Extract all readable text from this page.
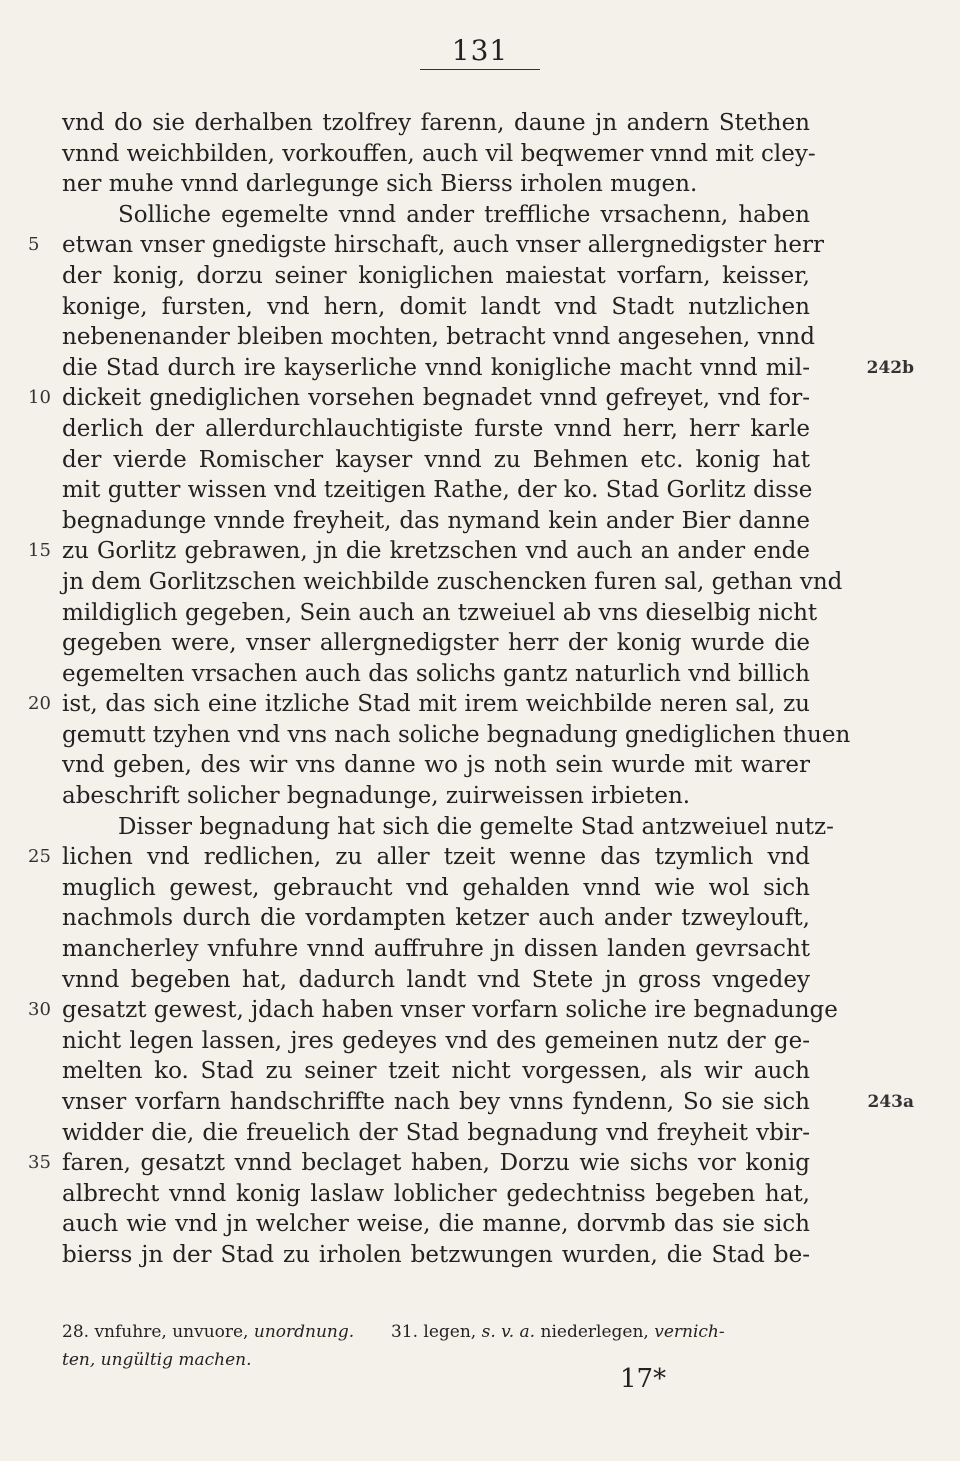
131
vnd do sie derhalben tzolfrey farenn, daune jn andern Stethen
vnnd weichbilden, vorkouffen, auch vil beqwemer vnnd mit cley-
ner muhe vnnd darlegunge sich Bierss irholen mugen.
Solliche egemelte vnnd ander treffliche vrsachenn, haben
5 etwan vnser gnedigste hirschaft, auch vnser allergnedigster herr
der konig, dorzu seiner koniglichen maiestat vorfarn, keisser,
konige, fursten, vnd hern, domit landt vnd Stadt nutzlichen
nebenenander bleiben mochten, betracht vnnd angesehen, vnnd
die Stad durch ire kayserliche vnnd konigliche macht vnnd mil-	242b
10 dickeit gnediglichen vorsehen begnadet vnnd gefreyet, vnd for-
derlich der allerdurchlauchtigiste furste vnnd herr, herr karle
der vierde Romischer kayser vnnd zu Behmen etc. konig hat
mit gutter wissen vnd tzeitigen Rathe, der ko. Stad Gorlitz disse
begnadunge vnnde freyheit, das nymand kein ander Bier danne
15 zu Gorlitz gebrawen, jn die kretzschen vnd auch an ander ende
jn dem Gorlitzschen weichbilde zuschencken furen sal, gethan vnd
mildiglich gegeben, Sein auch an tzweiuel ab vns dieselbig nicht
gegeben were, vnser allergnedigster herr der konig wurde die
egemelten vrsachen auch das solichs gantz naturlich vnd billich
20 ist, das sich eine itzliche Stad mit irem weichbilde neren sal, zu
gemutt tzyhen vnd vns nach soliche begnadung gnediglichen thuen
vnd geben, des wir vns danne wo js noth sein wurde mit warer
abeschrift solicher begnadunge, zuirweissen irbieten.
Disser begnadung hat sich die gemelte Stad antzweiuel nutz-
25 lichen vnd redlichen, zu aller tzeit wenne das tzymlich vnd
muglich gewest, gebraucht vnd gehalden vnnd wie wol sich
nachmols durch die vordampten ketzer auch ander tzweylouft,
mancherley vnfuhre vnnd auffruhre jn dissen landen gevrsacht
vnnd begeben hat, dadurch landt vnd Stete jn gross vngedey
30 gesatzt gewest, jdach haben vnser vorfarn soliche ire begnadunge
nicht legen lassen, jres gedeyes vnd des gemeinen nutz der ge-
melten ko. Stad zu seiner tzeit nicht vorgessen, als wir auch
vnser vorfarn handschriffte nach bey vnns fyndenn, So sie sich	243a
widder die, die freuelich der Stad begnadung vnd freyheit vbir-
35 faren, gesatzt vnnd beclaget haben, Dorzu wie sichs vor konig
albrecht vnnd konig laslaw loblicher gedechtniss begeben hat,
auch wie vnd jn welcher weise, die manne, dorvmb das sie sich
bierss jn der Stad zu irholen betzwungen wurden, die Stad be-
28. vnfuhre, unvuore, unordnung. 31. legen, s. v. a. niederlegen, vernich-
ten, ungültig machen.
17*
